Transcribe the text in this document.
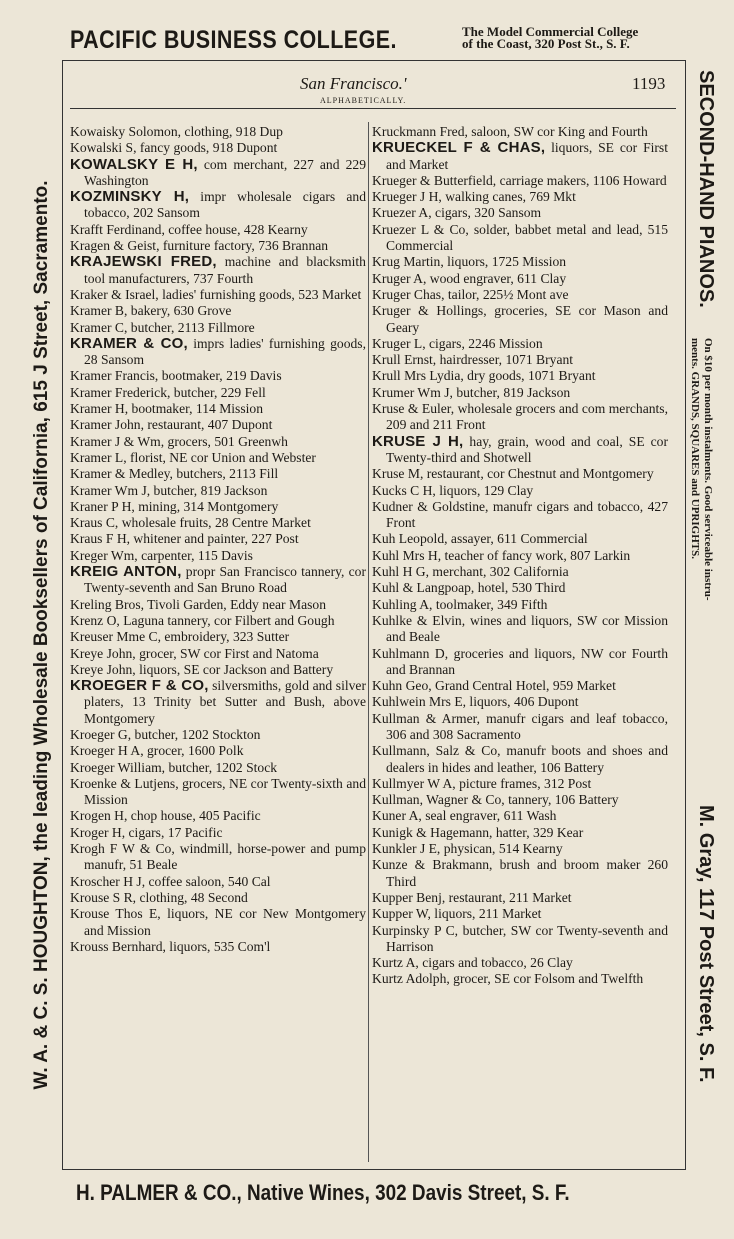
PACIFIC BUSINESS COLLEGE.	The Model Commercial College
of the Coast, 320 Post St., S. F.
W. A. & C. S. HOUGHTON, the leading Wholesale Booksellers of California, 615 J Street, Sacramento.	SECOND-HAND PIANOS.
On $10 per month instalments. Good serviceable instru-
ments. GRANDS, SQUARES and UPRIGHTS.
M. Gray, 117 Post Street, S. F.
San Francisco.'	1193
ALPHABETICALLY.

Kowaisky Solomon, clothing, 918 Dup

Kowalski S, fancy goods, 918 Dupont

KOWALSKY E H, com merchant, 227 and 229 Washington

KOZMINSKY H, impr wholesale cigars and tobacco, 202 Sansom

Krafft Ferdinand, coffee house, 428 Kearny

Kragen & Geist, furniture factory, 736 Brannan

KRAJEWSKI FRED, machine and blacksmith tool manufacturers, 737 Fourth

Kraker & Israel, ladies' furnishing goods, 523 Market

Kramer B, bakery, 630 Grove

Kramer C, butcher, 2113 Fillmore

KRAMER & CO, imprs ladies' furnishing goods, 28 Sansom

Kramer Francis, bootmaker, 219 Davis

Kramer Frederick, butcher, 229 Fell

Kramer H, bootmaker, 114 Mission

Kramer John, restaurant, 407 Dupont

Kramer J & Wm, grocers, 501 Greenwh

Kramer L, florist, NE cor Union and Webster

Kramer & Medley, butchers, 2113 Fill

Kramer Wm J, butcher, 819 Jackson

Kraner P H, mining, 314 Montgomery

Kraus C, wholesale fruits, 28 Centre Market

Kraus F H, whitener and painter, 227 Post

Kreger Wm, carpenter, 115 Davis

KREIG ANTON, propr San Francisco tannery, cor Twenty-seventh and San Bruno Road

Kreling Bros, Tivoli Garden, Eddy near Mason

Krenz O, Laguna tannery, cor Filbert and Gough

Kreuser Mme C, embroidery, 323 Sutter

Kreye John, grocer, SW cor First and Natoma

Kreye John, liquors, SE cor Jackson and Battery

KROEGER F & CO, silversmiths, gold and silver platers, 13 Trinity bet Sutter and Bush, above Montgomery

Kroeger G, butcher, 1202 Stockton

Kroeger H A, grocer, 1600 Polk

Kroeger William, butcher, 1202 Stock

Kroenke & Lutjens, grocers, NE cor Twenty-sixth and Mission

Krogen H, chop house, 405 Pacific

Kroger H, cigars, 17 Pacific

Krogh F W & Co, windmill, horse-power and pump manufr, 51 Beale

Kroscher H J, coffee saloon, 540 Cal

Krouse S R, clothing, 48 Second

Krouse Thos E, liquors, NE cor New Montgomery and Mission

Krouss Bernhard, liquors, 535 Com'l

Kruckmann Fred, saloon, SW cor King and Fourth

KRUECKEL F & CHAS, liquors, SE cor First and Market

Krueger & Butterfield, carriage makers, 1106 Howard

Krueger J H, walking canes, 769 Mkt

Kruezer A, cigars, 320 Sansom

Kruezer L & Co, solder, babbet metal and lead, 515 Commercial

Krug Martin, liquors, 1725 Mission

Kruger A, wood engraver, 611 Clay

Kruger Chas, tailor, 225½ Mont ave

Kruger & Hollings, groceries, SE cor Mason and Geary

Kruger L, cigars, 2246 Mission

Krull Ernst, hairdresser, 1071 Bryant

Krull Mrs Lydia, dry goods, 1071 Bryant

Krumer Wm J, butcher, 819 Jackson

Kruse & Euler, wholesale grocers and com merchants, 209 and 211 Front

KRUSE J H, hay, grain, wood and coal, SE cor Twenty-third and Shotwell

Kruse M, restaurant, cor Chestnut and Montgomery

Kucks C H, liquors, 129 Clay

Kudner & Goldstine, manufr cigars and tobacco, 427 Front

Kuh Leopold, assayer, 611 Commercial

Kuhl Mrs H, teacher of fancy work, 807 Larkin

Kuhl H G, merchant, 302 California

Kuhl & Langpoap, hotel, 530 Third

Kuhling A, toolmaker, 349 Fifth

Kuhlke & Elvin, wines and liquors, SW cor Mission and Beale

Kuhlmann D, groceries and liquors, NW cor Fourth and Brannan

Kuhn Geo, Grand Central Hotel, 959 Market

Kuhlwein Mrs E, liquors, 406 Dupont

Kullman & Armer, manufr cigars and leaf tobacco, 306 and 308 Sacramento

Kullmann, Salz & Co, manufr boots and shoes and dealers in hides and leather, 106 Battery

Kullmyer W A, picture frames, 312 Post

Kullman, Wagner & Co, tannery, 106 Battery

Kuner A, seal engraver, 611 Wash

Kunigk & Hagemann, hatter, 329 Kear

Kunkler J E, physican, 514 Kearny

Kunze & Brakmann, brush and broom maker 260 Third

Kupper Benj, restaurant, 211 Market

Kupper W, liquors, 211 Market

Kurpinsky P C, butcher, SW cor Twenty-seventh and Harrison

Kurtz A, cigars and tobacco, 26 Clay

Kurtz Adolph, grocer, SE cor Folsom and Twelfth

H. PALMER & CO., Native Wines, 302 Davis Street, S. F.
